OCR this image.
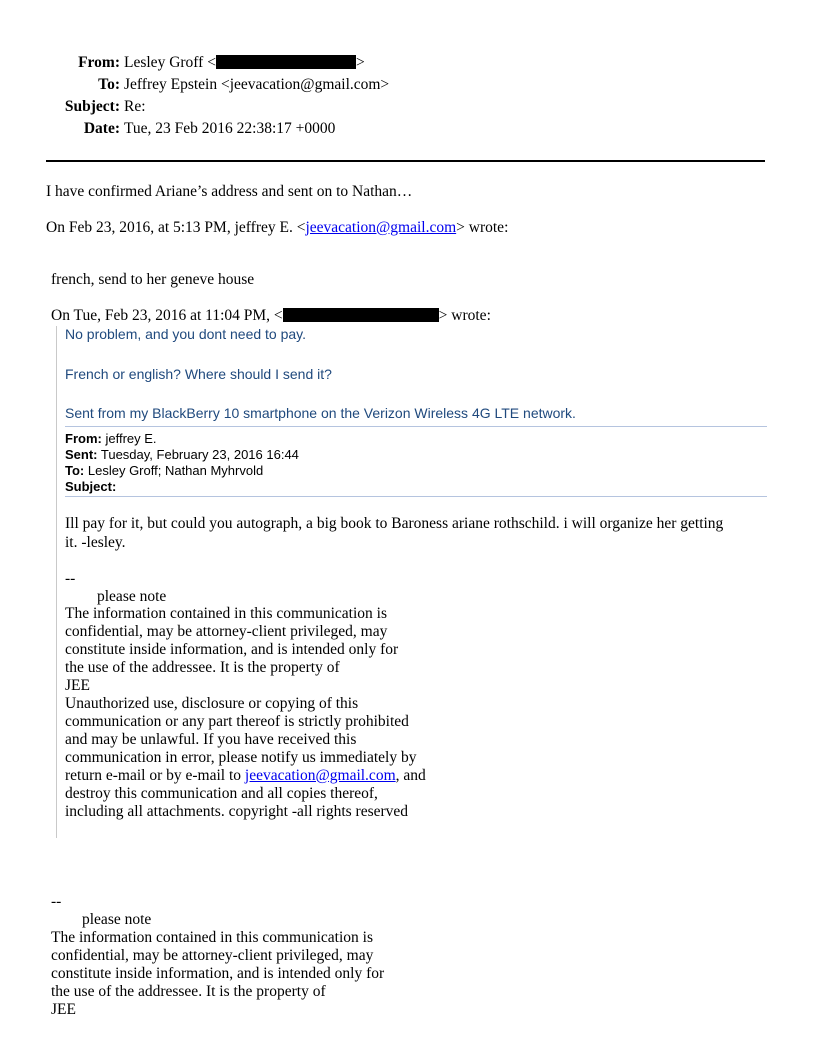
From: Lesley Groff <	>
To: Jeffrey Epstein <jeevacation@gmail.com>
Subject: Re:
Date: Tue, 23 Feb 2016 22:38:17 +0000
I have confirmed Ariane’s address and sent on to Nathan…
On Feb 23, 2016, at 5:13 PM, jeffrey E. <jeevacation@gmail.com> wrote:
french, send to her geneve house
On Tue, Feb 23, 2016 at 11:04 PM, <	> wrote:
No problem, and you dont need to pay.
French or english? Where should I send it?
Sent from my BlackBerry 10 smartphone on the Verizon Wireless 4G LTE network.
From: jeffrey E.
Sent: Tuesday, February 23, 2016 16:44
To: Lesley Groff; Nathan Myhrvold
Subject:
Ill pay for it, but could you autograph, a big book to Baroness ariane rothschild. i will organize her getting
it. -lesley.
--
please note
The information contained in this communication is
confidential, may be attorney-client privileged, may
constitute inside information, and is intended only for
the use of the addressee. It is the property of
JEE
Unauthorized use, disclosure or copying of this
communication or any part thereof is strictly prohibited
and may be unlawful. If you have received this
communication in error, please notify us immediately by
return e-mail or by e-mail to jeevacation@gmail.com, and
destroy this communication and all copies thereof,
including all attachments. copyright -all rights reserved
--
please note
The information contained in this communication is
confidential, may be attorney-client privileged, may
constitute inside information, and is intended only for
the use of the addressee. It is the property of
JEE
